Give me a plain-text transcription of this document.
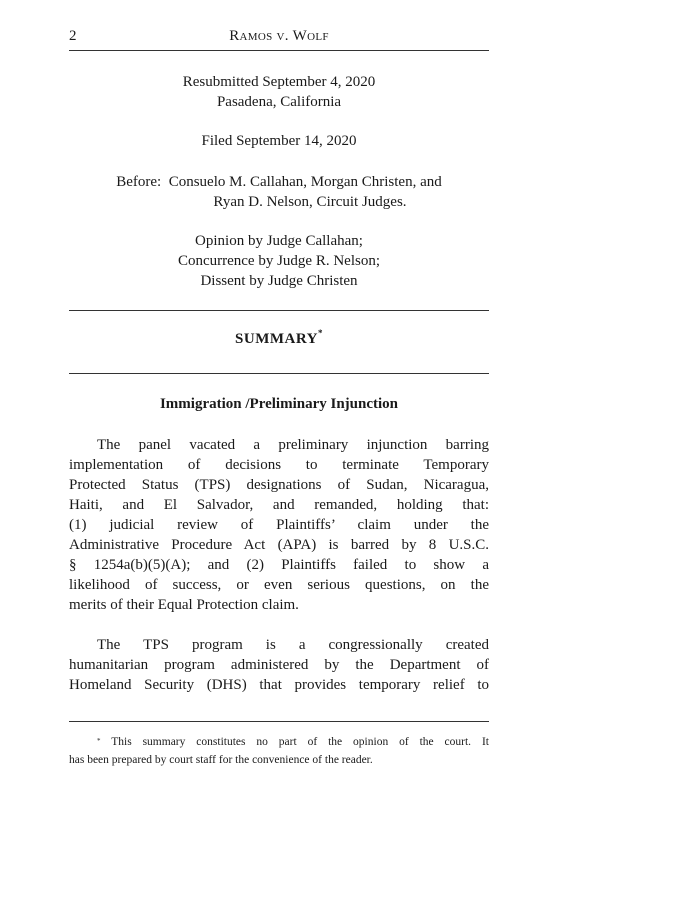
2	Ramos v. Wolf
Resubmitted September 4, 2020
Pasadena, California
Filed September 14, 2020
Before:  Consuelo M. Callahan, Morgan Christen, and
Ryan D. Nelson, Circuit Judges.
Opinion by Judge Callahan;
Concurrence by Judge R. Nelson;
Dissent by Judge Christen
SUMMARY*
Immigration /Preliminary Injunction
The panel vacated a preliminary injunction barring
implementation of decisions to terminate Temporary
Protected Status (TPS) designations of Sudan, Nicaragua,
Haiti, and El Salvador, and remanded, holding that:
(1) judicial review of Plaintiffs’ claim under the
Administrative Procedure Act (APA) is barred by 8 U.S.C.
§ 1254a(b)(5)(A); and (2) Plaintiffs failed to show a
likelihood of success, or even serious questions, on the
merits of their Equal Protection claim.
The TPS program is a congressionally created
humanitarian program administered by the Department of
Homeland Security (DHS) that provides temporary relief to
* This summary constitutes no part of the opinion of the court. It
has been prepared by court staff for the convenience of the reader.
